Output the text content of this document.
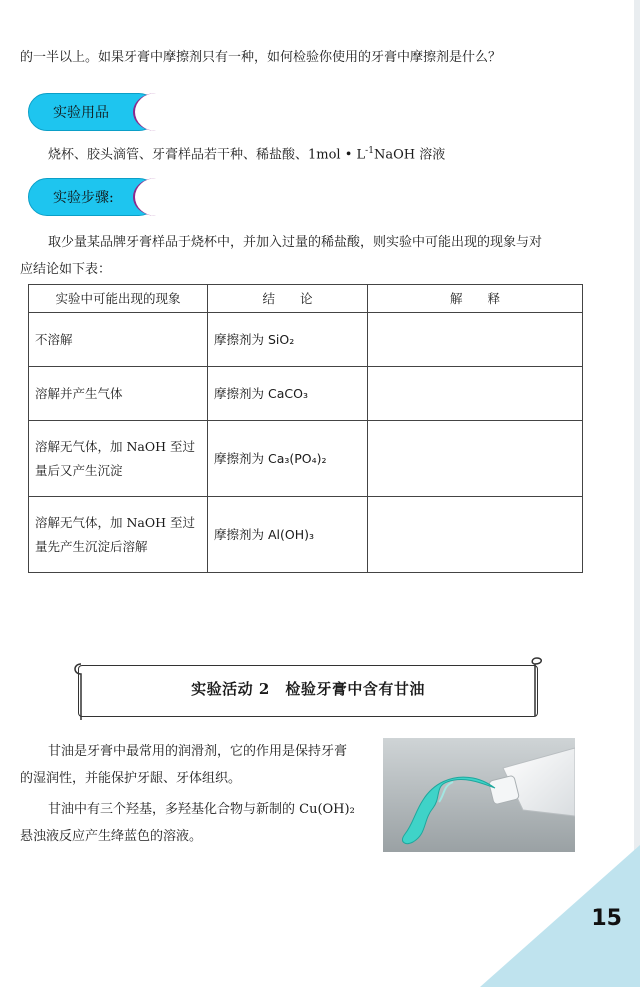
的一半以上。如果牙膏中摩擦剂只有一种，如何检验你使用的牙膏中摩擦剂是什么？

实验用品

烧杯、胶头滴管、牙膏样品若干种、稀盐酸、1mol • $L^{-1}NaOH$ 溶液

实验步骤:

取少量某品牌牙膏样品于烧杯中，并加入过量的稀盐酸，则实验中可能出现的现象与对

应结论如下表：

实验中可能出现的现象	结　　论	解　　释
不溶解	摩擦剂为 SiO₂	
溶解并产生气体	摩擦剂为 CaCO₃	
溶解无气体，加 NaOH 至过量后又产生沉淀	摩擦剂为 Ca₃(PO₄)₂	
溶解无气体，加 NaOH 至过量先产生沉淀后溶解	摩擦剂为 Al(OH)₃	
实验活动 2　检验牙膏中含有甘油

甘油是牙膏中最常用的润滑剂，它的作用是保持牙膏

的湿润性，并能保护牙龈、牙体组织。

甘油中有三个羟基，多羟基化合物与新制的 Cu(OH)₂

悬浊液反应产生绛蓝色的溶液。

15
